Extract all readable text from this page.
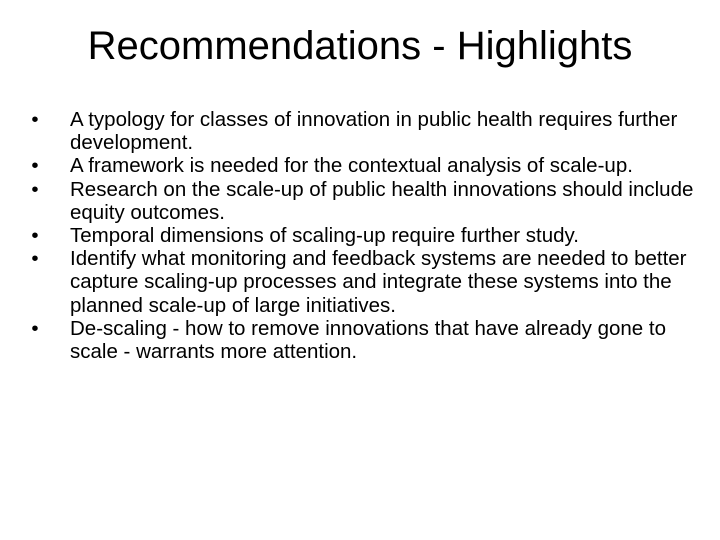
Recommendations - Highlights
• A typology for classes of innovation in public health requires further development.
• A framework is needed for the contextual analysis of scale-up.
• Research on the scale-up of public health innovations should include equity outcomes.
• Temporal dimensions of scaling-up require further study.
• Identify what monitoring and feedback systems are needed to better capture scaling-up processes and integrate these systems into the planned scale-up of large initiatives.
• De-scaling - how to remove innovations that have already gone to scale - warrants more attention.
